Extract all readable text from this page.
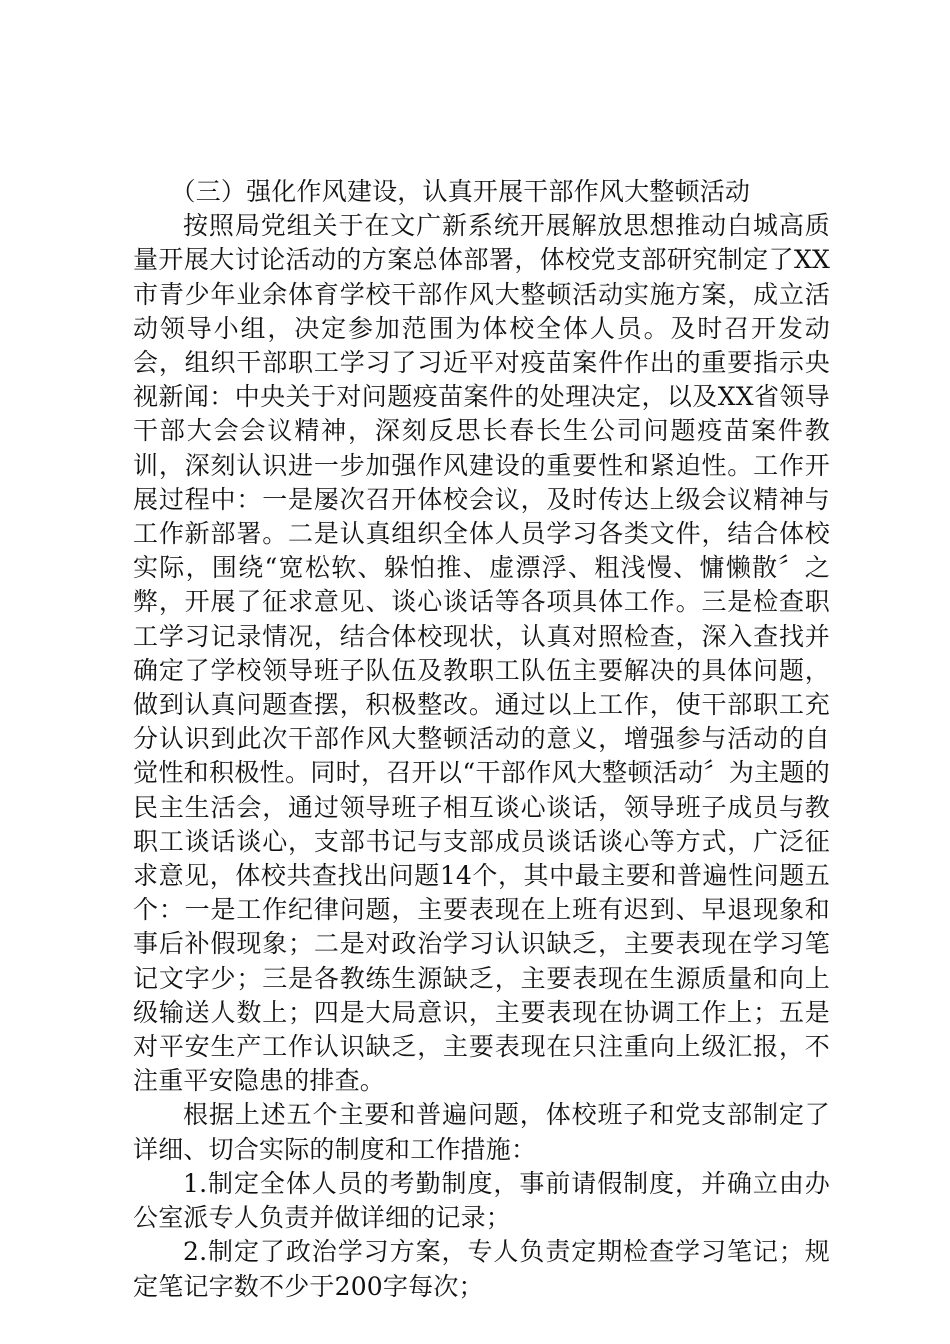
（三）强化作风建设，认真开展干部作风大整顿活动

按照局党组关于在文广新系统开展解放思想推动白城高质量开展大讨论活动的方案总体部署，体校党支部研究制定了XX市青少年业余体育学校干部作风大整顿活动实施方案，成立活动领导小组，决定参加范围为体校全体人员。及时召开发动会，组织干部职工学习了习近平对疫苗案件作出的重要指示央视新闻：中央关于对问题疫苗案件的处理决定，以及XX省领导干部大会会议精神，深刻反思长春长生公司问题疫苗案件教训，深刻认识进一步加强作风建设的重要性和紧迫性。工作开展过程中：一是屡次召开体校会议，及时传达上级会议精神与工作新部署。二是认真组织全体人员学习各类文件，结合体校实际，围绕“宽松软、躲怕推、虚漂浮、粗浅慢、慵懒散〞之弊，开展了征求意见、谈心谈话等各项具体工作。三是检查职工学习记录情况，结合体校现状，认真对照检查，深入查找并确定了学校领导班子队伍及教职工队伍主要解决的具体问题，做到认真问题查摆，积极整改。通过以上工作，使干部职工充分认识到此次干部作风大整顿活动的意义，增强参与活动的自觉性和积极性。同时，召开以“干部作风大整顿活动〞为主题的民主生活会，通过领导班子相互谈心谈话，领导班子成员与教职工谈话谈心，支部书记与支部成员谈话谈心等方式，广泛征求意见，体校共查找出问题14个，其中最主要和普遍性问题五个：一是工作纪律问题，主要表现在上班有迟到、早退现象和事后补假现象；二是对政治学习认识缺乏，主要表现在学习笔记文字少；三是各教练生源缺乏，主要表现在生源质量和向上级输送人数上；四是大局意识，主要表现在协调工作上；五是对平安生产工作认识缺乏，主要表现在只注重向上级汇报，不注重平安隐患的排查。

根据上述五个主要和普遍问题，体校班子和党支部制定了详细、切合实际的制度和工作措施：

1.制定全体人员的考勤制度，事前请假制度，并确立由办公室派专人负责并做详细的记录；

2.制定了政治学习方案，专人负责定期检查学习笔记；规定笔记字数不少于200字每次；
